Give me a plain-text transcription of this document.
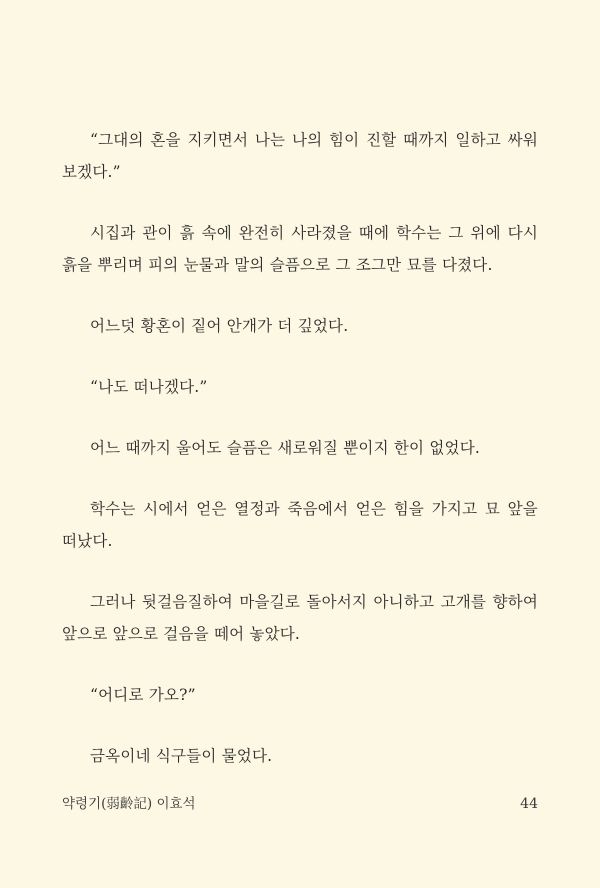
“그대의 혼을 지키면서 나는 나의 힘이 진할 때까지 일하고 싸워 보겠다.”

시집과 관이 흙 속에 완전히 사라졌을 때에 학수는 그 위에 다시 흙을 뿌리며 피의 눈물과 말의 슬픔으로 그 조그만 묘를 다졌다.

어느덧 황혼이 짙어 안개가 더 깊었다.

“나도 떠나겠다.”

어느 때까지 울어도 슬픔은 새로워질 뿐이지 한이 없었다.

학수는 시에서 얻은 열정과 죽음에서 얻은 힘을 가지고 묘 앞을 떠났다.

그러나 뒷걸음질하여 마을길로 돌아서지 아니하고 고개를 향하여 앞으로 앞으로 걸음을 떼어 놓았다.

“어디로 가오?”

금옥이네 식구들이 물었다.

약령기(弱齡記) 이효석	44
